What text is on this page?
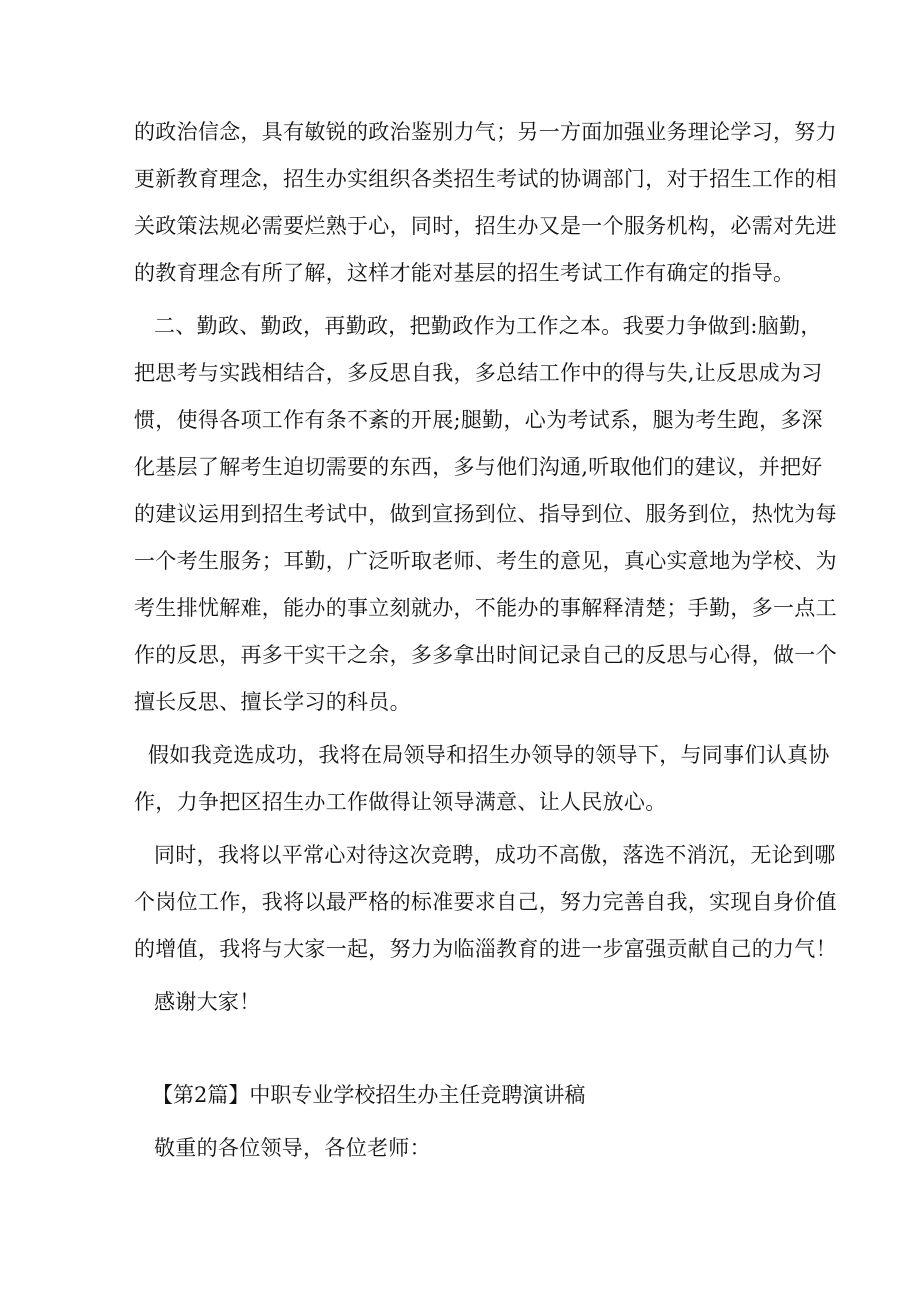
的政治信念，具有敏锐的政治鉴别力气；另一方面加强业务理论学习，努力
更新教育理念，招生办实组织各类招生考试的协调部门，对于招生工作的相
关政策法规必需要烂熟于心，同时，招生办又是一个服务机构，必需对先进
的教育理念有所了解，这样才能对基层的招生考试工作有确定的指导。
二、勤政、勤政，再勤政，把勤政作为工作之本。我要力争做到:脑勤，
把思考与实践相结合，多反思自我，多总结工作中的得与失,让反思成为习
惯，使得各项工作有条不紊的开展;腿勤，心为考试系，腿为考生跑，多深
化基层了解考生迫切需要的东西，多与他们沟通,听取他们的建议，并把好
的建议运用到招生考试中，做到宣扬到位、指导到位、服务到位，热忱为每
一个考生服务；耳勤，广泛听取老师、考生的意见，真心实意地为学校、为
考生排忧解难，能办的事立刻就办，不能办的事解释清楚；手勤，多一点工
作的反思，再多干实干之余，多多拿出时间记录自己的反思与心得，做一个
擅长反思、擅长学习的科员。
假如我竞选成功，我将在局领导和招生办领导的领导下，与同事们认真协
作，力争把区招生办工作做得让领导满意、让人民放心。
同时，我将以平常心对待这次竞聘，成功不高傲，落选不消沉，无论到哪
个岗位工作，我将以最严格的标准要求自己，努力完善自我，实现自身价值
的增值，我将与大家一起，努力为临淄教育的进一步富强贡献自己的力气！
感谢大家！
【第2篇】中职专业学校招生办主任竞聘演讲稿
敬重的各位领导，各位老师：
